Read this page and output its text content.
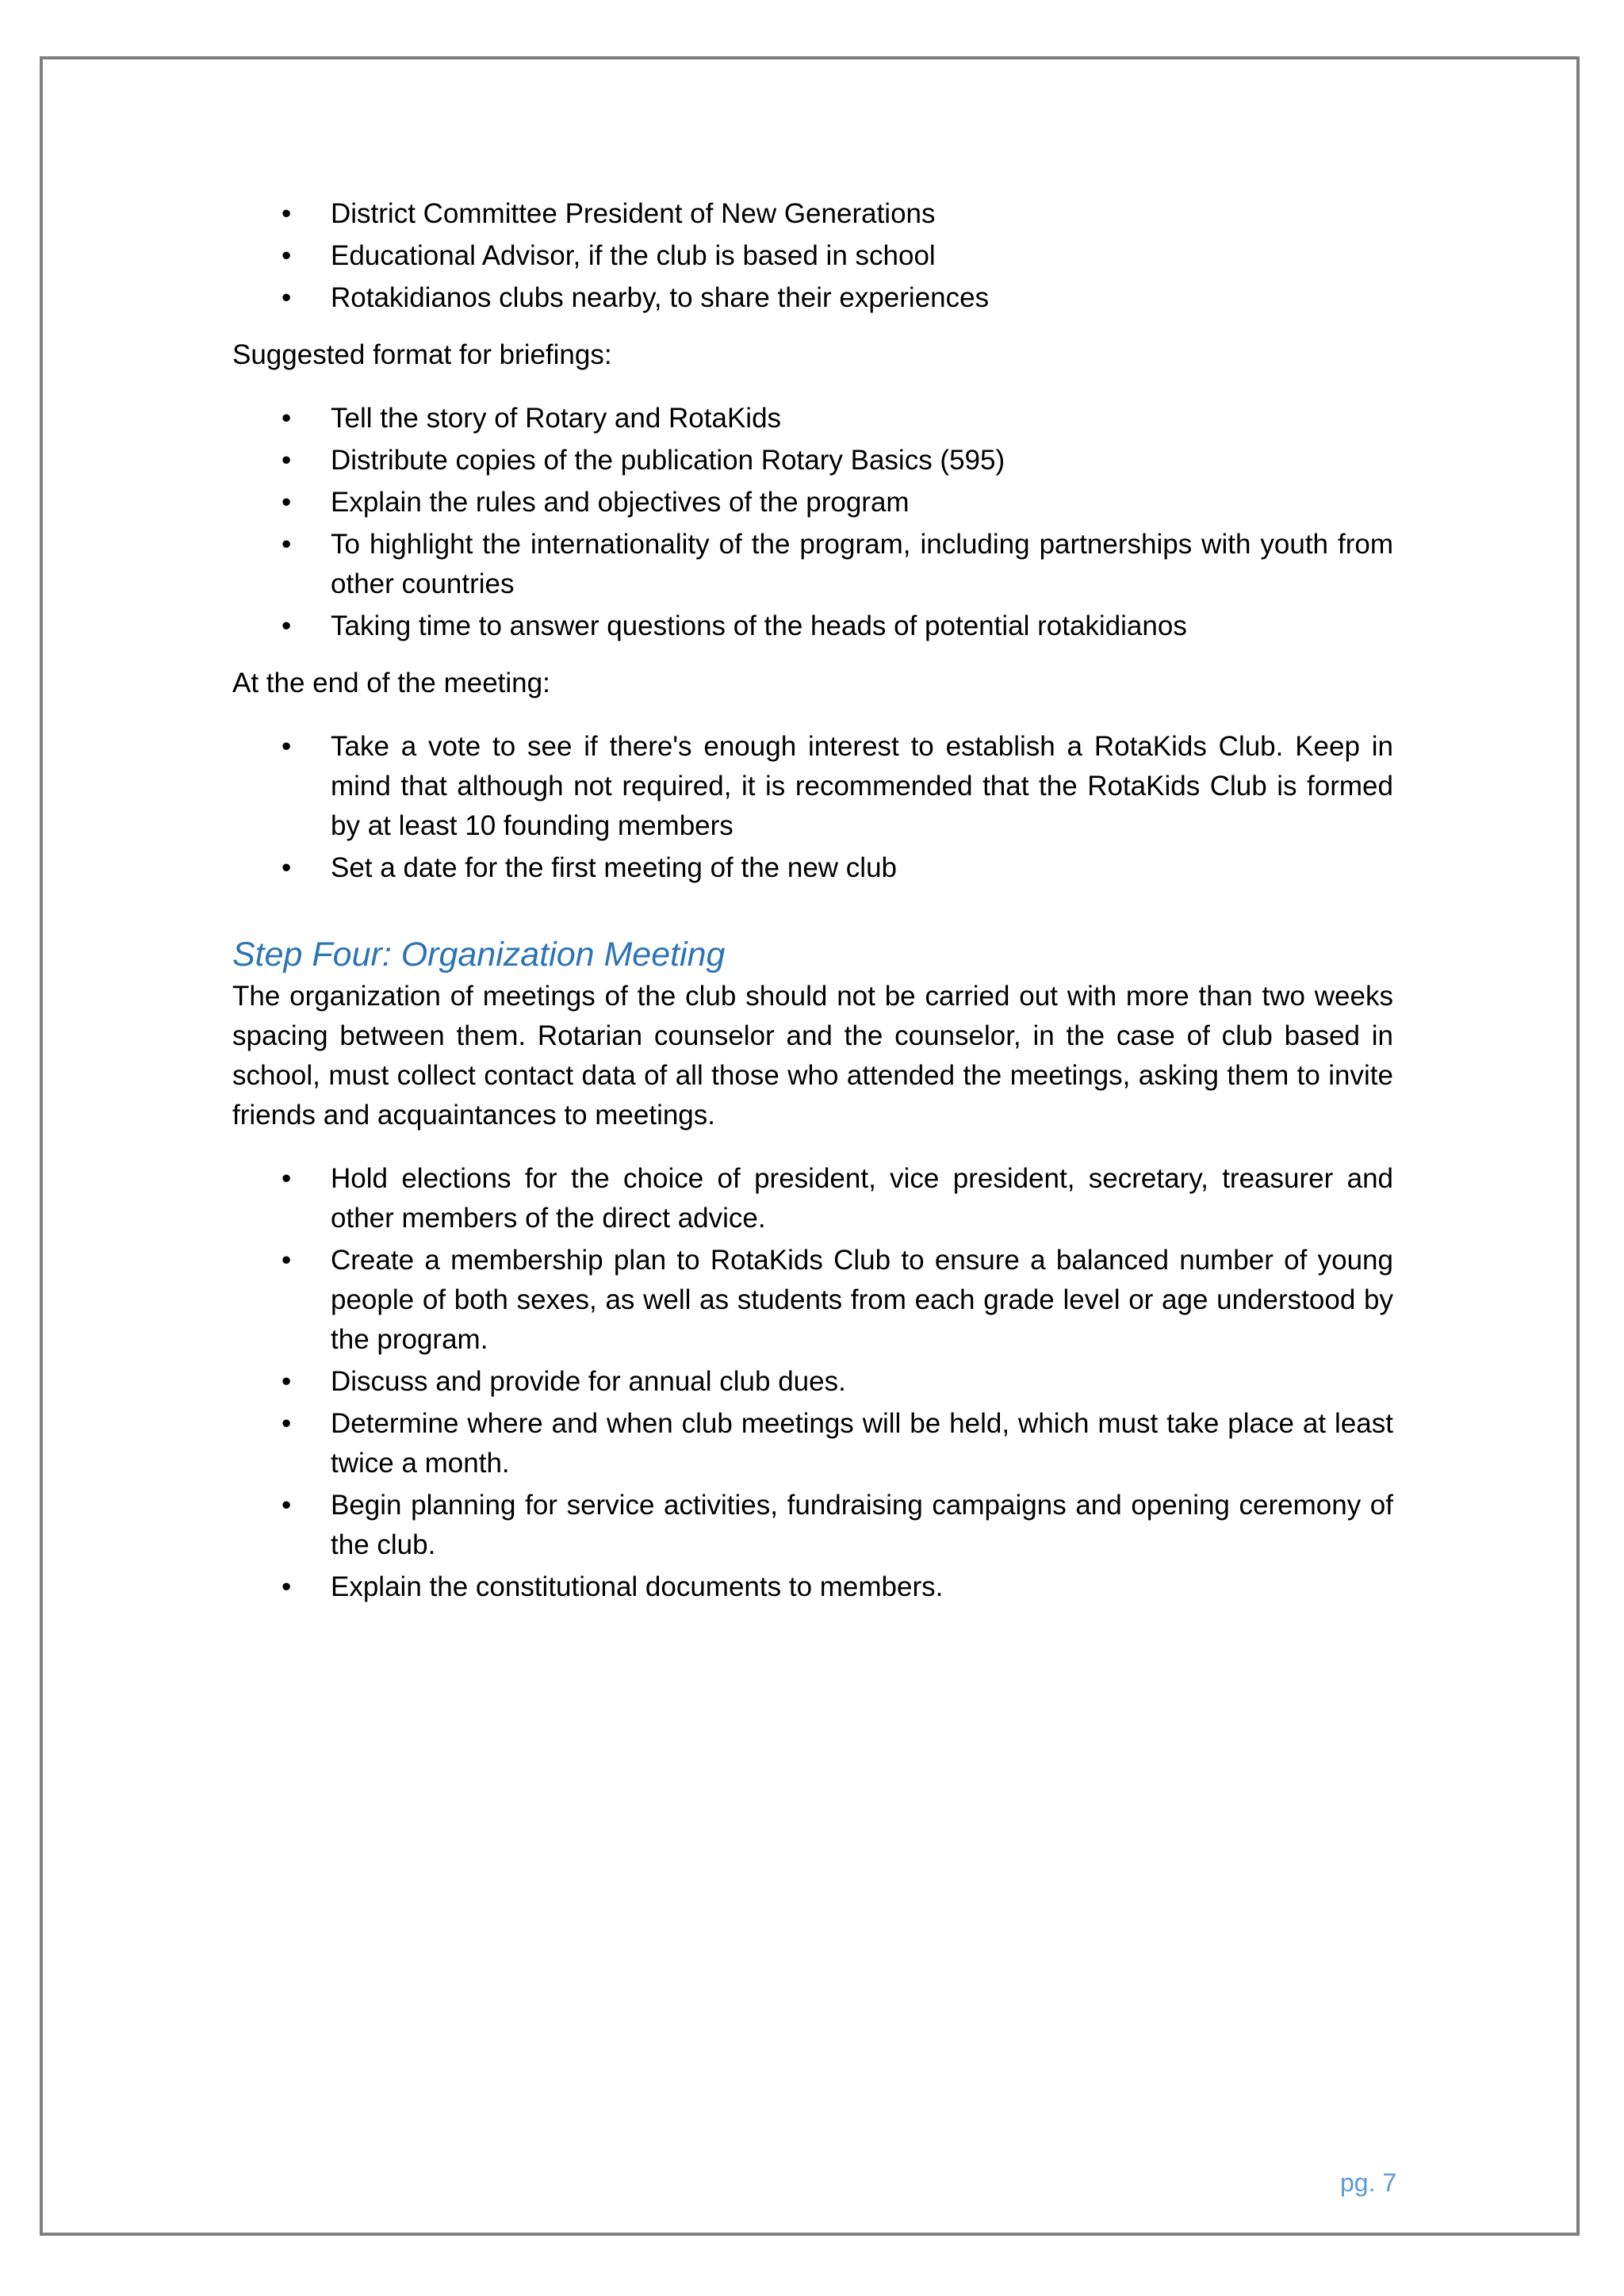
• District Committee President of New Generations
• Educational Advisor, if the club is based in school
• Rotakidianos clubs nearby, to share their experiences

Suggested format for briefings:

• Tell the story of Rotary and RotaKids
• Distribute copies of the publication Rotary Basics (595)
• Explain the rules and objectives of the program
• To highlight the internationality of the program, including partnerships with youth from other countries
• Taking time to answer questions of the heads of potential rotakidianos

At the end of the meeting:

• Take a vote to see if there's enough interest to establish a RotaKids Club. Keep in mind that although not required, it is recommended that the RotaKids Club is formed by at least 10 founding members
• Set a date for the first meeting of the new club
Step Four: Organization Meeting

The organization of meetings of the club should not be carried out with more than two weeks spacing between them. Rotarian counselor and the counselor, in the case of club based in school, must collect contact data of all those who attended the meetings, asking them to invite friends and acquaintances to meetings.

• Hold elections for the choice of president, vice president, secretary, treasurer and other members of the direct advice.
• Create a membership plan to RotaKids Club to ensure a balanced number of young people of both sexes, as well as students from each grade level or age understood by the program.
• Discuss and provide for annual club dues.
• Determine where and when club meetings will be held, which must take place at least twice a month.
• Begin planning for service activities, fundraising campaigns and opening ceremony of the club.
• Explain the constitutional documents to members.
pg. 7
